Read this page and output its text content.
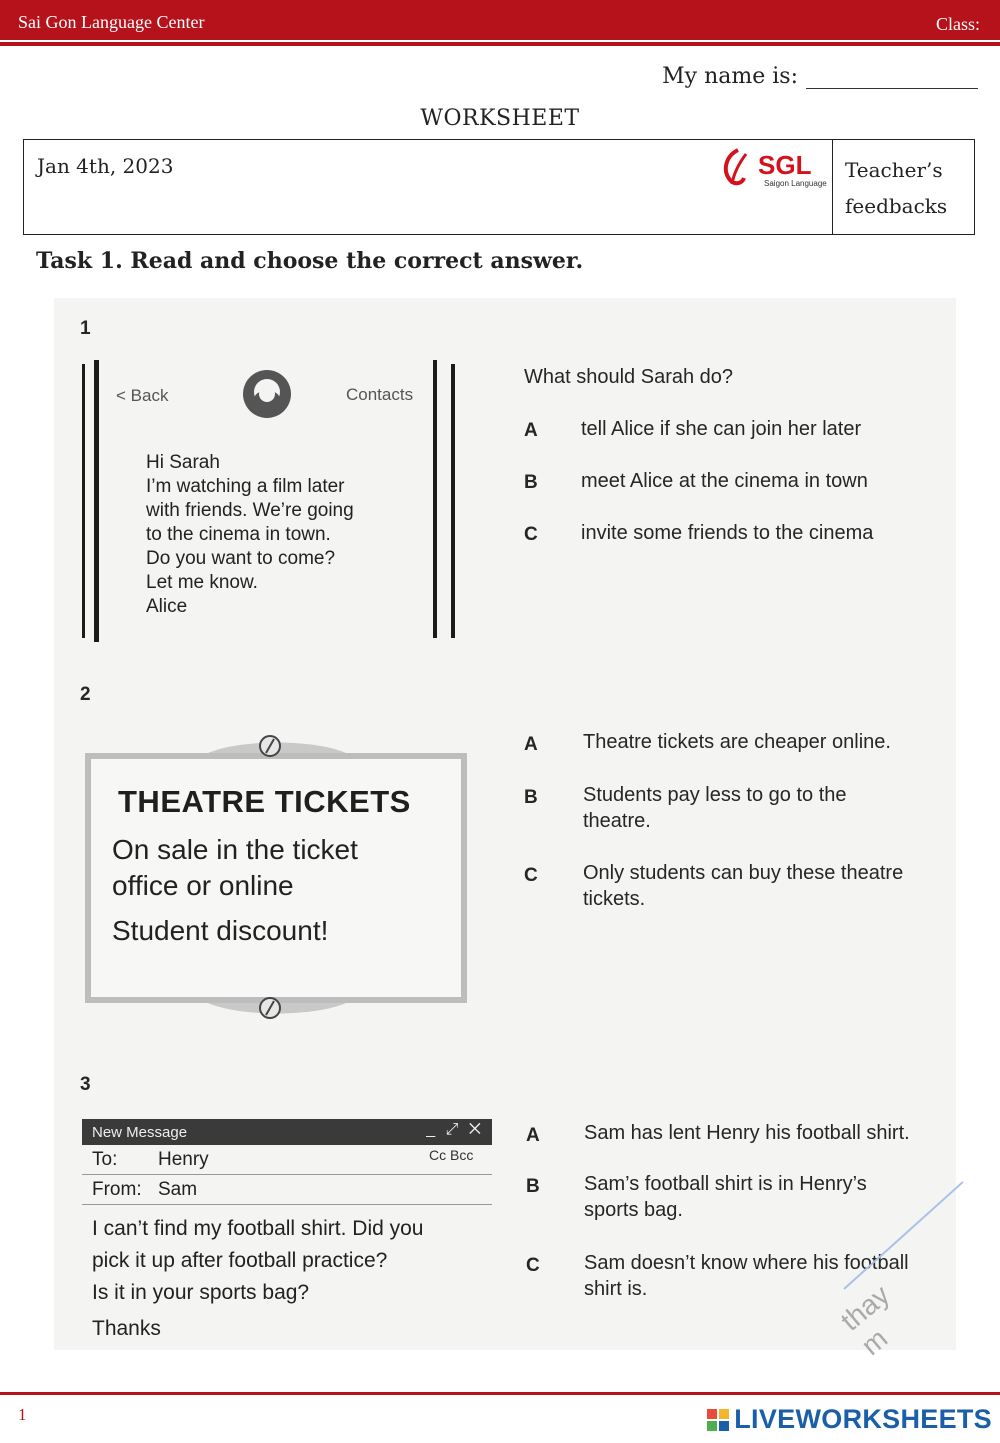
Sai Gon Language Center	Class:
My name is:
WORKSHEET
Jan 4th, 2023	SGL
Saigon Language
Teacher’s
feedbacks
Task 1. Read and choose the correct answer.
1
< Back	Contacts
Hi Sarah
I’m watching a film later
with friends. We’re going
to the cinema in town.
Do you want to come?
Let me know.
Alice
What should Sarah do?
A tell Alice if she can join her later
B meet Alice at the cinema in town
C invite some friends to the cinema
2
THEATRE TICKETS
On sale in the ticket
office or online
Student discount!
A Theatre tickets are cheaper online.
B Students pay less to go to the
theatre.
C Only students can buy these theatre
tickets.
3
New Message	_ ⤢ ✕
To: Henry	Cc Bcc
From: Sam
I can’t find my football shirt. Did you
pick it up after football practice?
Is it in your sports bag?
Thanks
A Sam has lent Henry his football shirt.
B Sam’s football shirt is in Henry’s
sports bag.
C Sam doesn’t know where his football
shirt is.	thay m
1	LIVEWORKSHEETS
